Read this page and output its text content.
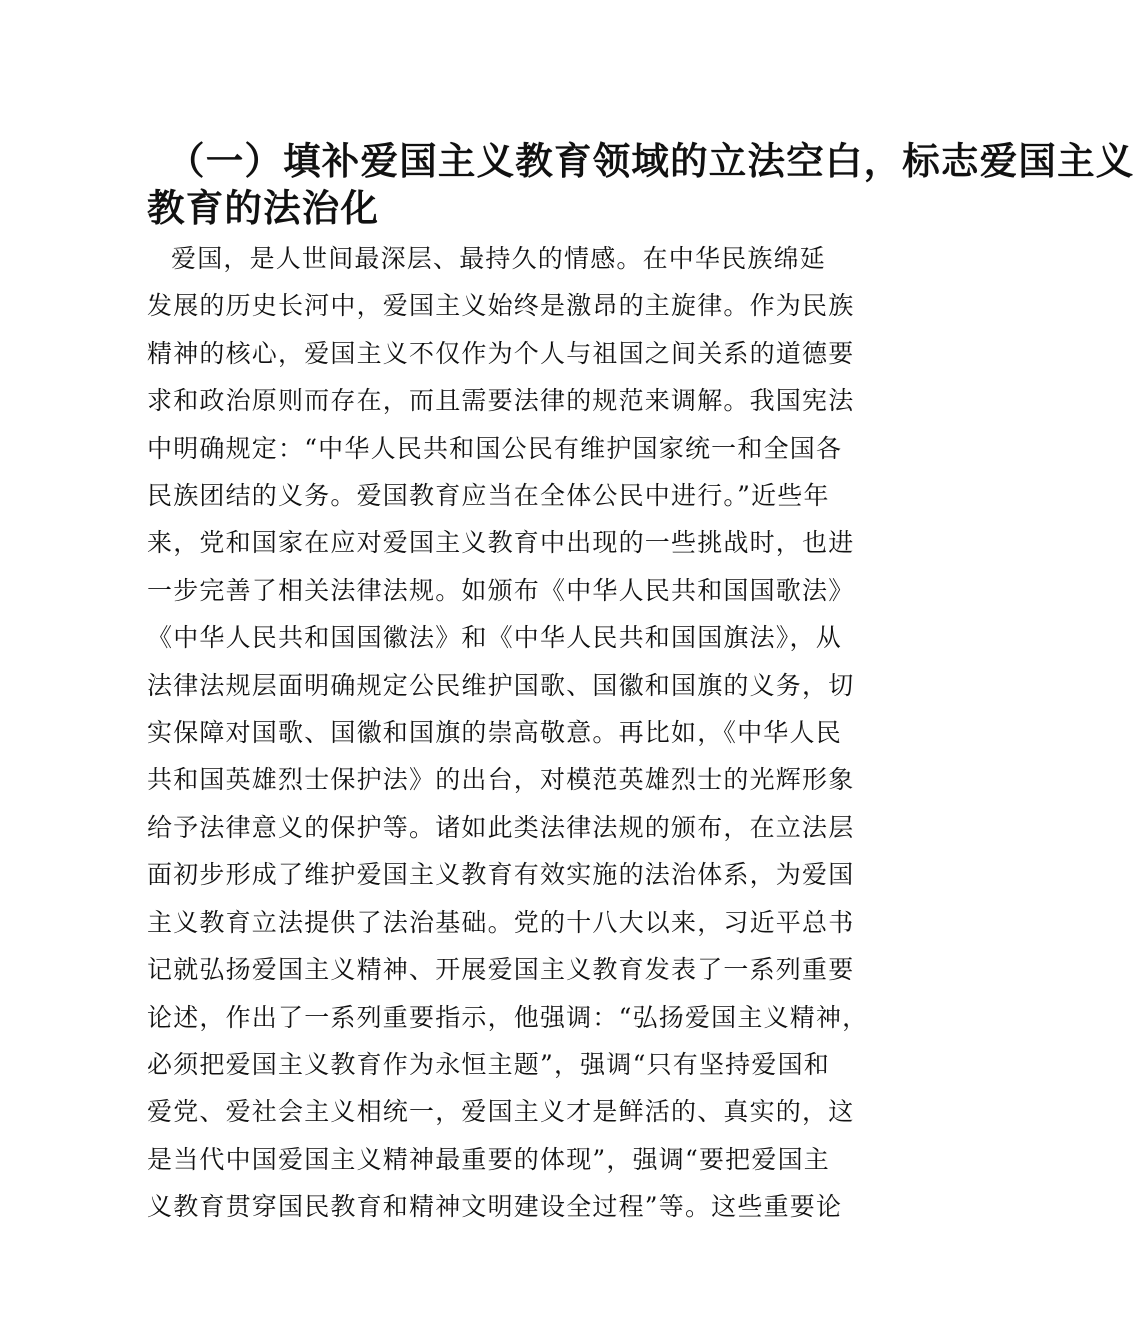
（一）填补爱国主义教育领域的立法空白，标志爱国主义
教育的法治化

爱国，是人世间最深层、最持久的情感。在中华民族绵延
发展的历史长河中，爱国主义始终是激昂的主旋律。作为民族
精神的核心，爱国主义不仅作为个人与祖国之间关系的道德要
求和政治原则而存在，而且需要法律的规范来调解。我国宪法
中明确规定：“中华人民共和国公民有维护国家统一和全国各
民族团结的义务。爱国教育应当在全体公民中进行。”近些年
来，党和国家在应对爱国主义教育中出现的一些挑战时，也进
一步完善了相关法律法规。如颁布《中华人民共和国国歌法》
《中华人民共和国国徽法》和《中华人民共和国国旗法》，从
法律法规层面明确规定公民维护国歌、国徽和国旗的义务，切
实保障对国歌、国徽和国旗的崇高敬意。再比如，《中华人民
共和国英雄烈士保护法》的出台，对模范英雄烈士的光辉形象
给予法律意义的保护等。诸如此类法律法规的颁布，在立法层
面初步形成了维护爱国主义教育有效实施的法治体系，为爱国
主义教育立法提供了法治基础。党的十八大以来，习近平总书
记就弘扬爱国主义精神、开展爱国主义教育发表了一系列重要
论述，作出了一系列重要指示，他强调：“弘扬爱国主义精神，
必须把爱国主义教育作为永恒主题”，强调“只有坚持爱国和
爱党、爱社会主义相统一，爱国主义才是鲜活的、真实的，这
是当代中国爱国主义精神最重要的体现”，强调“要把爱国主
义教育贯穿国民教育和精神文明建设全过程”等。这些重要论
